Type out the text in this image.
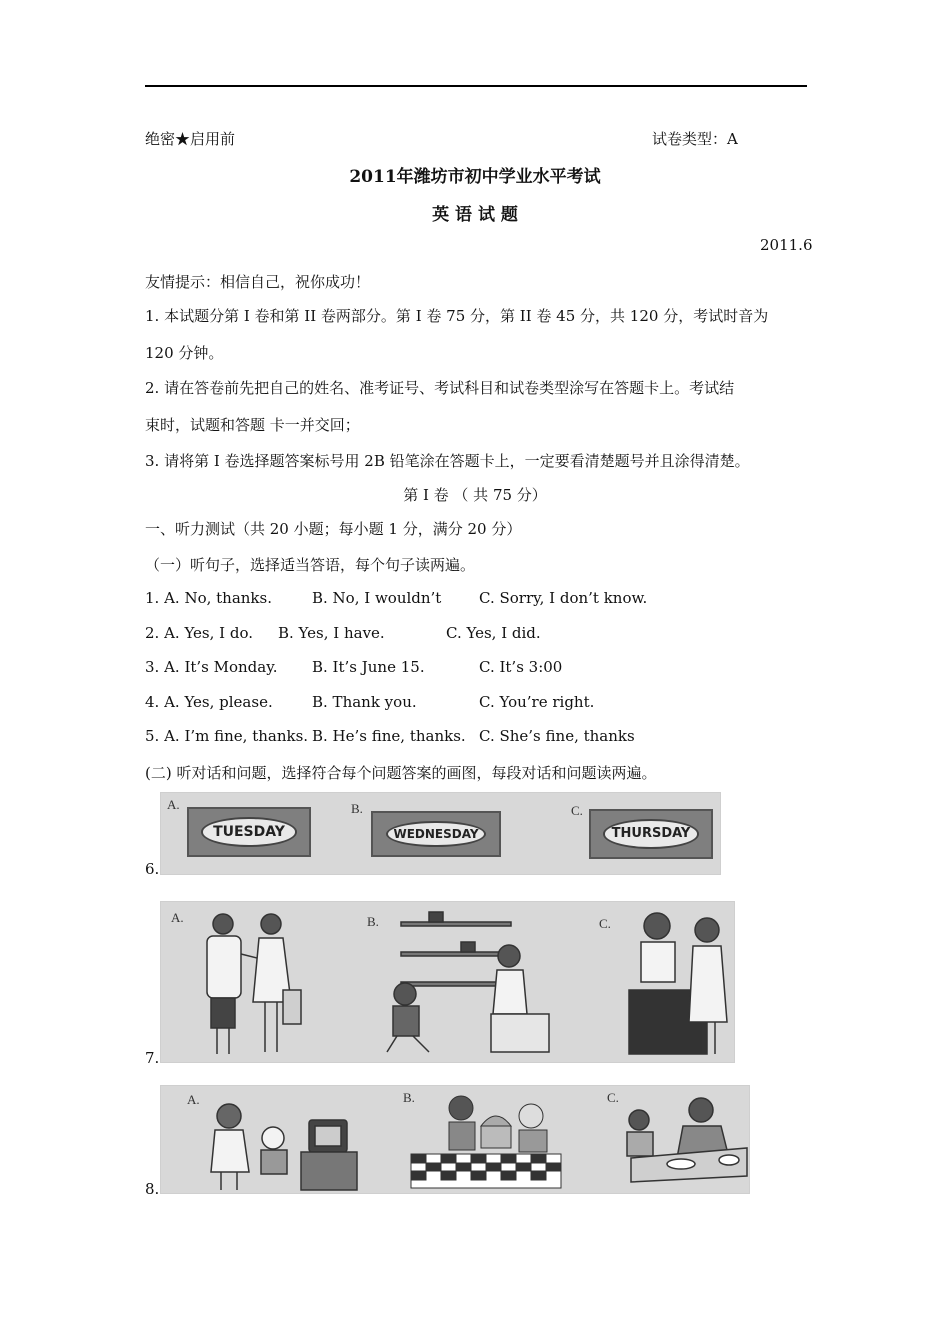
绝密★启用前	试卷类型：A
2011年潍坊市初中学业水平考试
英 语 试 题
2011.6
友情提示：相信自己，祝你成功！
1. 本试题分第 I 卷和第 II 卷两部分。第 I 卷 75 分，第 II 卷 45 分，共 120 分，考试时音为
120 分钟。
2. 请在答卷前先把自己的姓名、准考证号、考试科目和试卷类型涂写在答题卡上。考试结
束时，试题和答题 卡一并交回；
3. 请将第 I 卷选择题答案标号用 2B 铅笔涂在答题卡上，一定要看清楚题号并且涂得清楚。
第 I 卷 （ 共 75 分）
一、听力测试（共 20 小题；每小题 1 分，满分 20 分）
（一）听句子，选择适当答语，每个句子读两遍。
1. A. No, thanks.	B. No, I wouldn’t	C. Sorry, I don’t know.
2. A. Yes, I do. B. Yes, I have.	C. Yes, I did.
3. A. It’s Monday. B. It’s June 15.	C. It’s 3:00
4. A. Yes, please.	B. Thank you.	C. You’re right.
5. A. I’m fine, thanks. B. He’s fine, thanks. C. She’s fine, thanks
(二) 听对话和问题，选择符合每个问题答案的画图，每段对话和问题读两遍。
6.
A.	B.	C.
TUESDAY	WEDNESDAY	THURSDAY
7.
A.	B.	C.
8.
A.	B.	C.
